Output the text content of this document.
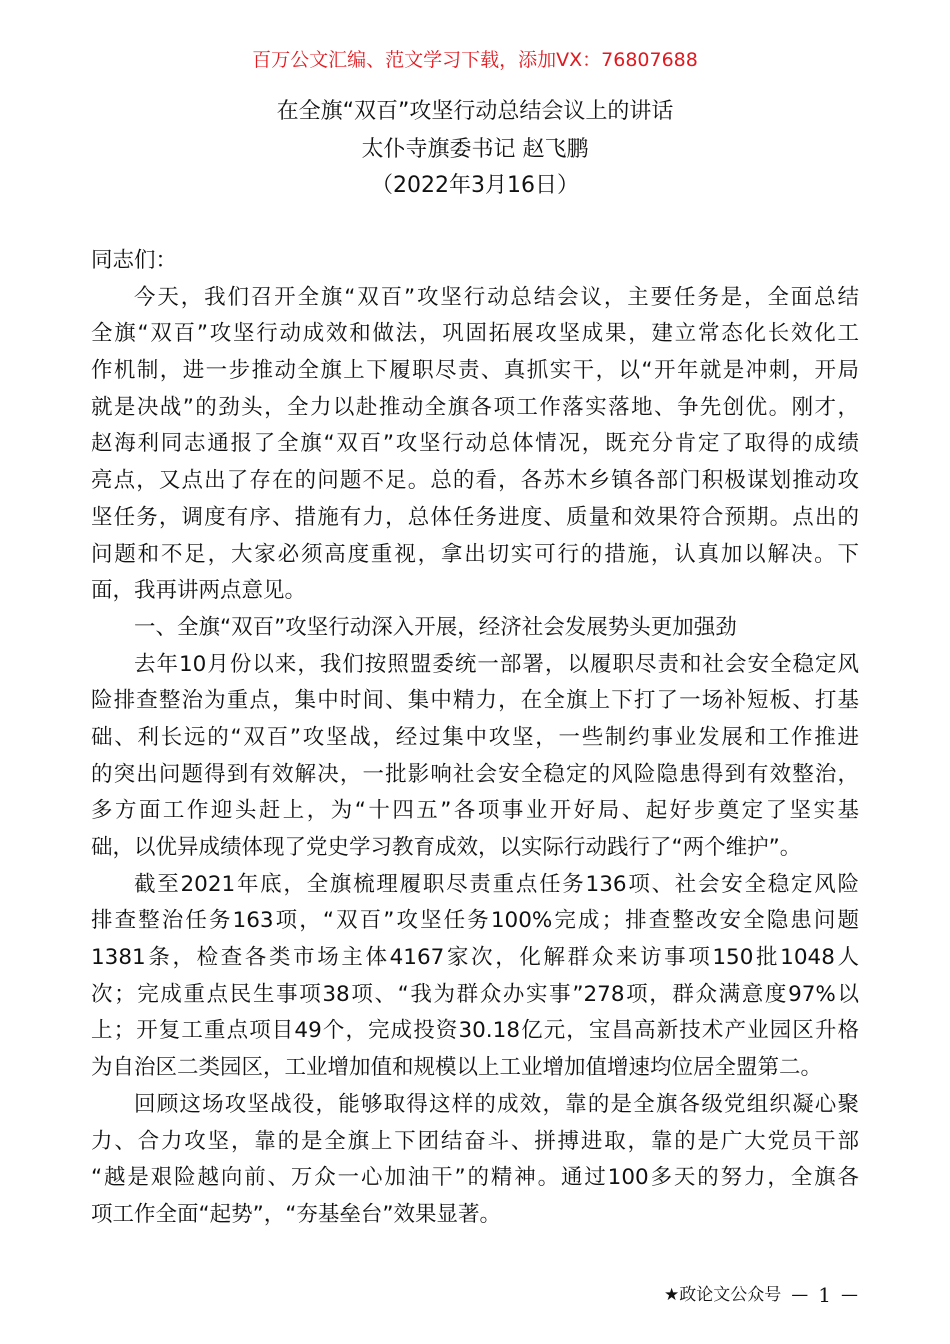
百万公文汇编、范文学习下载，添加VX：76807688
在全旗“双百”攻坚行动总结会议上的讲话
太仆寺旗委书记 赵飞鹏
（2022年3月16日）
同志们：
今天，我们召开全旗“双百”攻坚行动总结会议，主要任务是，全面总结
全旗“双百”攻坚行动成效和做法，巩固拓展攻坚成果，建立常态化长效化工
作机制，进一步推动全旗上下履职尽责、真抓实干，以“开年就是冲刺，开局
就是决战”的劲头，全力以赴推动全旗各项工作落实落地、争先创优。刚才，
赵海利同志通报了全旗“双百”攻坚行动总体情况，既充分肯定了取得的成绩
亮点，又点出了存在的问题不足。总的看，各苏木乡镇各部门积极谋划推动攻
坚任务，调度有序、措施有力，总体任务进度、质量和效果符合预期。点出的
问题和不足，大家必须高度重视，拿出切实可行的措施，认真加以解决。下
面，我再讲两点意见。
一、全旗“双百”攻坚行动深入开展，经济社会发展势头更加强劲
去年10月份以来，我们按照盟委统一部署，以履职尽责和社会安全稳定风
险排查整治为重点，集中时间、集中精力，在全旗上下打了一场补短板、打基
础、利长远的“双百”攻坚战，经过集中攻坚，一些制约事业发展和工作推进
的突出问题得到有效解决，一批影响社会安全稳定的风险隐患得到有效整治，
多方面工作迎头赶上，为“十四五”各项事业开好局、起好步奠定了坚实基
础，以优异成绩体现了党史学习教育成效，以实际行动践行了“两个维护”。
截至2021年底，全旗梳理履职尽责重点任务136项、社会安全稳定风险
排查整治任务163项，“双百”攻坚任务100%完成；排查整改安全隐患问题
1381条，检查各类市场主体4167家次，化解群众来访事项150批1048人
次；完成重点民生事项38项、“我为群众办实事”278项，群众满意度97%以
上；开复工重点项目49个，完成投资30.18亿元，宝昌高新技术产业园区升格
为自治区二类园区，工业增加值和规模以上工业增加值增速均位居全盟第二。
回顾这场攻坚战役，能够取得这样的成效，靠的是全旗各级党组织凝心聚
力、合力攻坚，靠的是全旗上下团结奋斗、拼搏进取，靠的是广大党员干部
“越是艰险越向前、万众一心加油干”的精神。通过100多天的努力，全旗各
项工作全面“起势”，“夯基垒台”效果显著。
★政论文公众号 — 1 —
